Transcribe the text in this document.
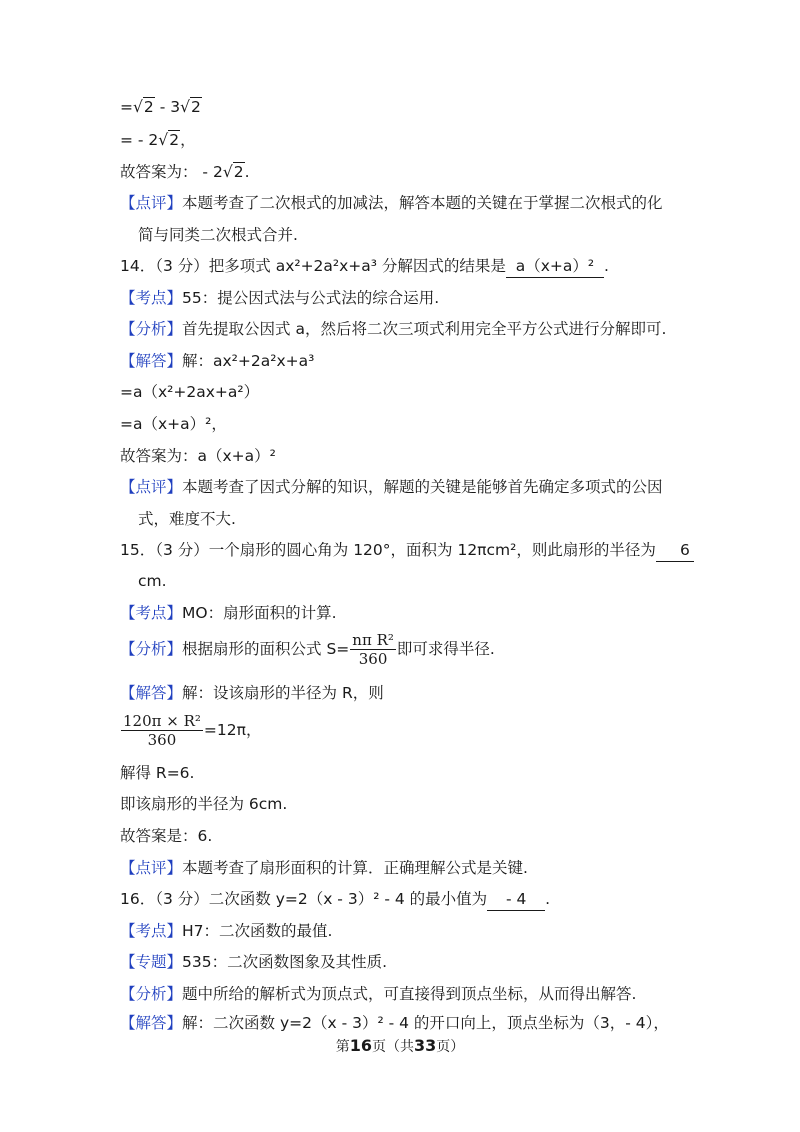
=√2 - 3√2
= - 2√2，
故答案为： - 2√2.
【点评】本题考查了二次根式的加减法，解答本题的关键在于掌握二次根式的化
简与同类二次根式合并.
14．（3 分）把多项式 ax²+2a²x+a³ 分解因式的结果是 a（x+a）² .
【考点】55：提公因式法与公式法的综合运用.
【分析】首先提取公因式 a，然后将二次三项式利用完全平方公式进行分解即可.
【解答】解：ax²+2a²x+a³
=a（x²+2ax+a²）
=a（x+a）²，
故答案为：a（x+a）²
【点评】本题考查了因式分解的知识，解题的关键是能够首先确定多项式的公因
式，难度不大.
15．（3 分）一个扇形的圆心角为 120°，面积为 12πcm²，则此扇形的半径为 6
cm.
【考点】MO：扇形面积的计算.
【分析】根据扇形的面积公式 $S= \frac{\text{nπ R²}}{360}$ 即可求得半径.
【解答】解：设该扇形的半径为 R，则
$\frac{\text{120π × R²}}{360} =12\pi$，
解得 R=6.
即该扇形的半径为 6cm.
故答案是：6.
【点评】本题考查了扇形面积的计算．正确理解公式是关键.
16．（3 分）二次函数 y=2（x - 3）² - 4 的最小值为 - 4 .
【考点】H7：二次函数的最值.
【专题】535：二次函数图象及其性质.
【分析】题中所给的解析式为顶点式，可直接得到顶点坐标，从而得出解答.
【解答】解：二次函数 y=2（x - 3）² - 4 的开口向上，顶点坐标为（3，- 4），
第16页（共33页）
